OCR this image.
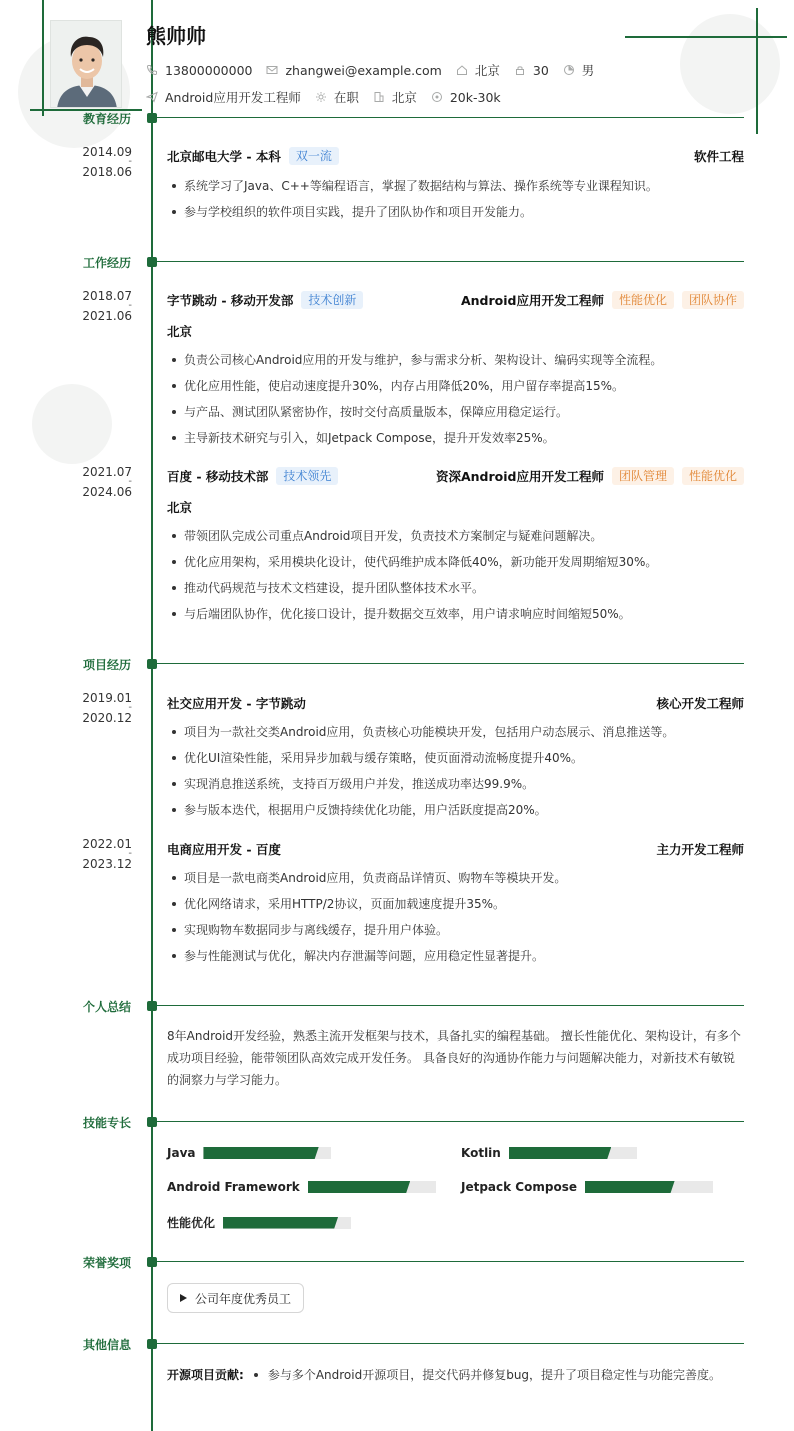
熊帅帅
13800000000	zhangwei@example.com	北京	30	男
Android应用开发工程师	在职	北京	20k-30k
教育经历
2014.09
-
2018.06
北京邮电大学 - 本科	双一流	软件工程
系统学习了Java、C++等编程语言，掌握了数据结构与算法、操作系统等专业课程知识。
参与学校组织的软件项目实践，提升了团队协作和项目开发能力。
工作经历
2018.07
-
2021.06
字节跳动 - 移动开发部	技术创新	Android应用开发工程师	性能优化	团队协作
北京
负责公司核心Android应用的开发与维护，参与需求分析、架构设计、编码实现等全流程。
优化应用性能，使启动速度提升30%，内存占用降低20%，用户留存率提高15%。
与产品、测试团队紧密协作，按时交付高质量版本，保障应用稳定运行。
主导新技术研究与引入，如Jetpack Compose，提升开发效率25%。
2021.07
-
2024.06
百度 - 移动技术部	技术领先	资深Android应用开发工程师	团队管理	性能优化
北京
带领团队完成公司重点Android项目开发，负责技术方案制定与疑难问题解决。
优化应用架构，采用模块化设计，使代码维护成本降低40%，新功能开发周期缩短30%。
推动代码规范与技术文档建设，提升团队整体技术水平。
与后端团队协作，优化接口设计，提升数据交互效率，用户请求响应时间缩短50%。
项目经历
2019.01
-
2020.12
社交应用开发 - 字节跳动	核心开发工程师
项目为一款社交类Android应用，负责核心功能模块开发，包括用户动态展示、消息推送等。
优化UI渲染性能，采用异步加载与缓存策略，使页面滑动流畅度提升40%。
实现消息推送系统，支持百万级用户并发，推送成功率达99.9%。
参与版本迭代，根据用户反馈持续优化功能，用户活跃度提高20%。
2022.01
-
2023.12
电商应用开发 - 百度	主力开发工程师
项目是一款电商类Android应用，负责商品详情页、购物车等模块开发。
优化网络请求，采用HTTP/2协议，页面加载速度提升35%。
实现购物车数据同步与离线缓存，提升用户体验。
参与性能测试与优化，解决内存泄漏等问题，应用稳定性显著提升。
个人总结
8年Android开发经验，熟悉主流开发框架与技术，具备扎实的编程基础。 擅长性能优化、架构设计，有多个
成功项目经验，能带领团队高效完成开发任务。 具备良好的沟通协作能力与问题解决能力，对新技术有敏锐
的洞察力与学习能力。
技能专长
Java	Kotlin
Android Framework	Jetpack Compose
性能优化
荣誉奖项
公司年度优秀员工
其他信息
开源项目贡献: 参与多个Android开源项目，提交代码并修复bug，提升了项目稳定性与功能完善度。
